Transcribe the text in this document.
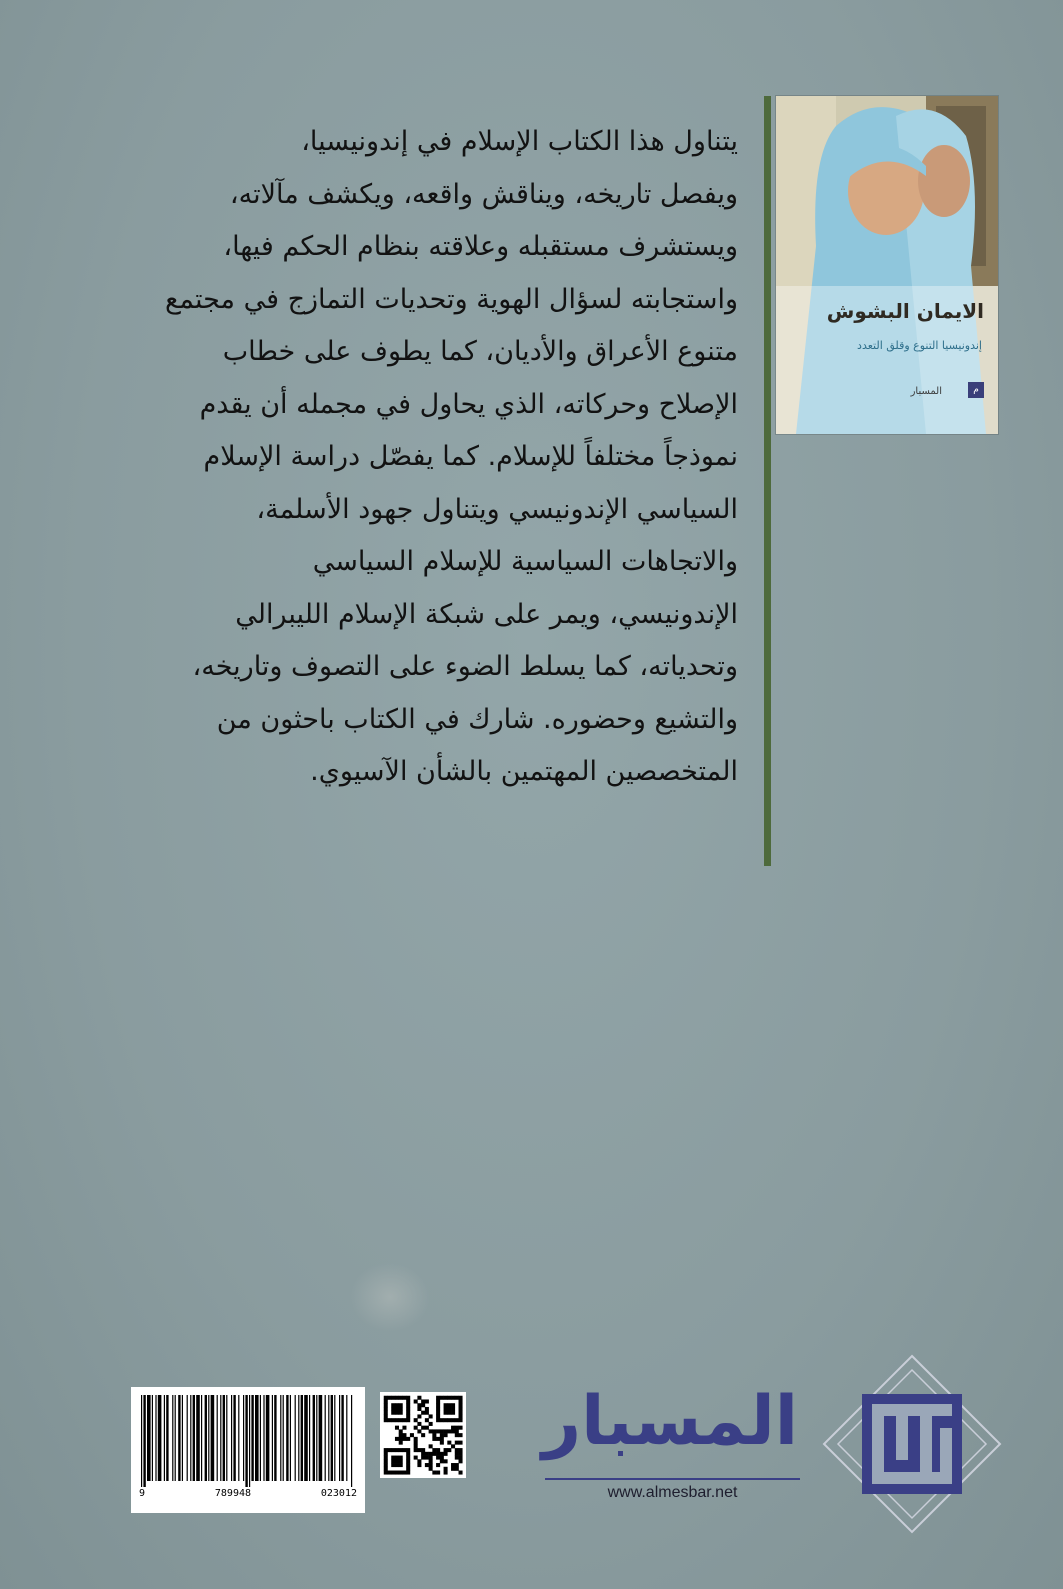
الايمان البشوش
إندونيسيا التنوع وقلق التعدد
م
المسبار
يتناول هذا الكتاب الإسلام في إندونيسيا،
ويفصل تاريخه، ويناقش واقعه، ويكشف مآلاته،
ويستشرف مستقبله وعلاقته بنظام الحكم فيها،
واستجابته لسؤال الهوية وتحديات التمازج في مجتمع
متنوع الأعراق والأديان، كما يطوف على خطاب
الإصلاح وحركاته، الذي يحاول في مجمله أن يقدم
نموذجاً مختلفاً للإسلام. كما يفصّل دراسة الإسلام
السياسي الإندونيسي ويتناول جهود الأسلمة،
والاتجاهات السياسية للإسلام السياسي
الإندونيسي، ويمر على شبكة الإسلام الليبرالي
وتحدياته، كما يسلط الضوء على التصوف وتاريخه،
والتشيع وحضوره. شارك في الكتاب باحثون من
المتخصصين المهتمين بالشأن الآسيوي.
9	789948	023012
المسبار
www.almesbar.net
